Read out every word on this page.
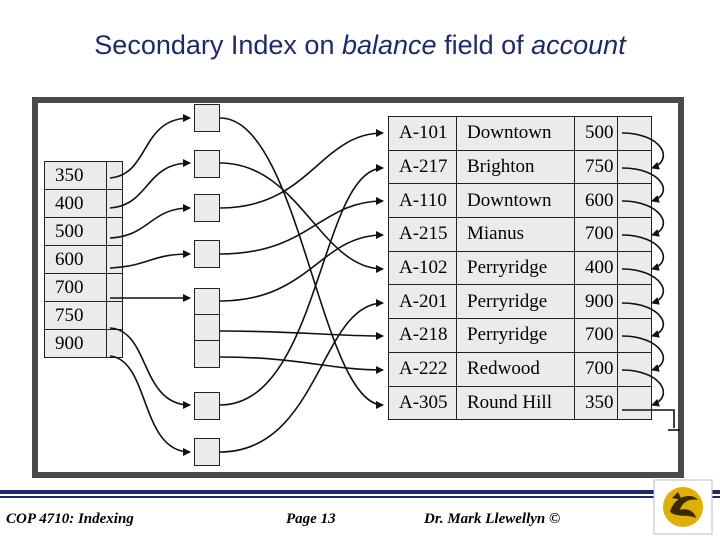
Secondary Index on balance field of account
350	
400	
500	
600	
700	
750	
900	
A-101	Downtown	500	
A-217	Brighton	750	
A-110	Downtown	600	
A-215	Mianus	700	
A-102	Perryridge	400	
A-201	Perryridge	900	
A-218	Perryridge	700	
A-222	Redwood	700	
A-305	Round Hill	350	
COP 4710: Indexing	Page 13	Dr. Mark Llewellyn ©
